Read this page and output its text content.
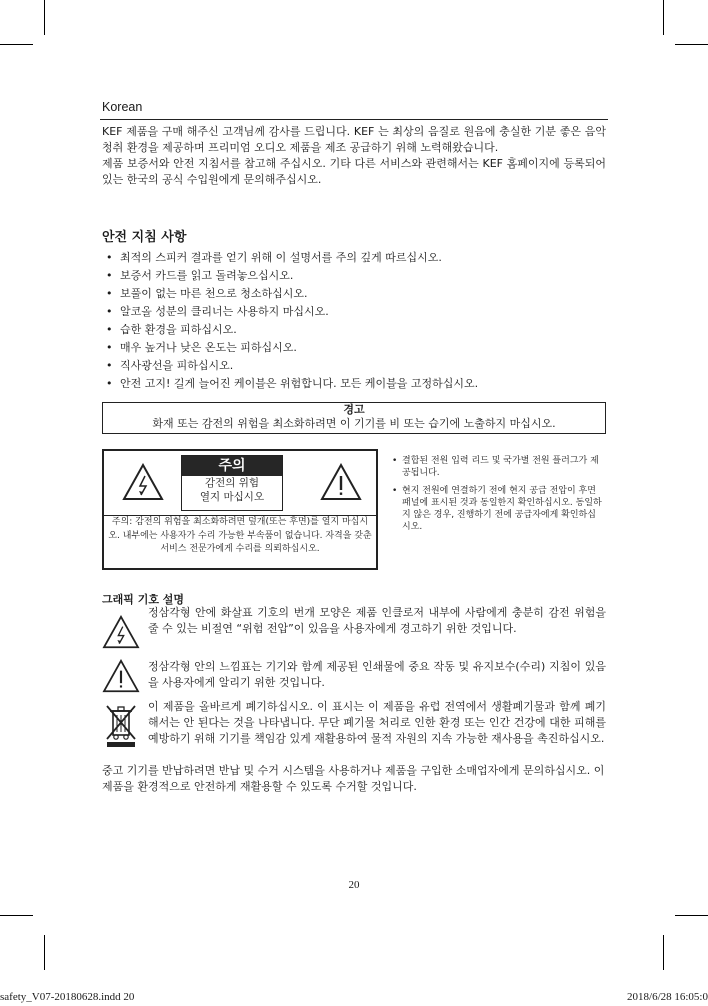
Korean

KEF 제품을 구매 해주신 고객님께 감사를 드립니다. KEF 는 최상의 음질로 원음에 충실한 기분 좋은 음악 청취 환경을 제공하며 프리미엄 오디오 제품을 제조 공급하기 위해 노력해왔습니다.

제품 보증서와 안전 지침서를 참고해 주십시오. 기타 다른 서비스와 관련해서는 KEF 홈페이지에 등록되어 있는 한국의 공식 수입원에게 문의해주십시오.

안전 지침 사항
• 최적의 스피커 결과를 얻기 위해 이 설명서를 주의 깊게 따르십시오.
• 보증서 카드를 읽고 돌려놓으십시오.
• 보풀이 없는 마른 천으로 청소하십시오.
• 알코올 성분의 클리너는 사용하지 마십시오.
• 습한 환경을 피하십시오.
• 매우 높거나 낮은 온도는 피하십시오.
• 직사광선을 피하십시오.
• 안전 고지! 길게 늘어진 케이블은 위험합니다. 모든 케이블을 고정하십시오.
경고
화재 또는 감전의 위험을 최소화하려면 이 기기를 비 또는 습기에 노출하지 마십시오.
주의
감전의 위험
열지 마십시오
주의: 감전의 위험을 최소화하려면 덮개(또는 후면)를 열지 마십시오. 내부에는 사용자가 수리 가능한 부속품이 없습니다. 자격을 갖춘 서비스 전문가에게 수리를 의뢰하십시오.
• 결합된 전원 입력 리드 및 국가별 전원 플러그가 제공됩니다.
• 현지 전원에 연결하기 전에 현지 공급 전압이 후면 패널에 표시된 것과 동일한지 확인하십시오. 동일하지 않은 경우, 진행하기 전에 공급자에게 확인하십시오.
그래픽 기호 설명
정삼각형 안에 화살표 기호의 번개 모양은 제품 인클로저 내부에 사람에게 충분히 감전 위험을 줄 수 있는 비절연 “위험 전압”이 있음을 사용자에게 경고하기 위한 것입니다.
정삼각형 안의 느낌표는 기기와 함께 제공된 인쇄물에 중요 작동 및 유지보수(수리) 지침이 있음을 사용자에게 알리기 위한 것입니다.
이 제품을 올바르게 폐기하십시오. 이 표시는 이 제품을 유럽 전역에서 생활폐기물과 함께 폐기해서는 안 된다는 것을 나타냅니다. 무단 폐기물 처리로 인한 환경 또는 인간 건강에 대한 피해를 예방하기 위해 기기를 책임감 있게 재활용하여 물적 자원의 지속 가능한 재사용을 촉진하십시오.
중고 기기를 반납하려면 반납 및 수거 시스템을 사용하거나 제품을 구입한 소매업자에게 문의하십시오. 이 제품을 환경적으로 안전하게 재활용할 수 있도록 수거할 것입니다.
20
safety_V07-20180628.indd 20	2018/6/28 16:05:0
